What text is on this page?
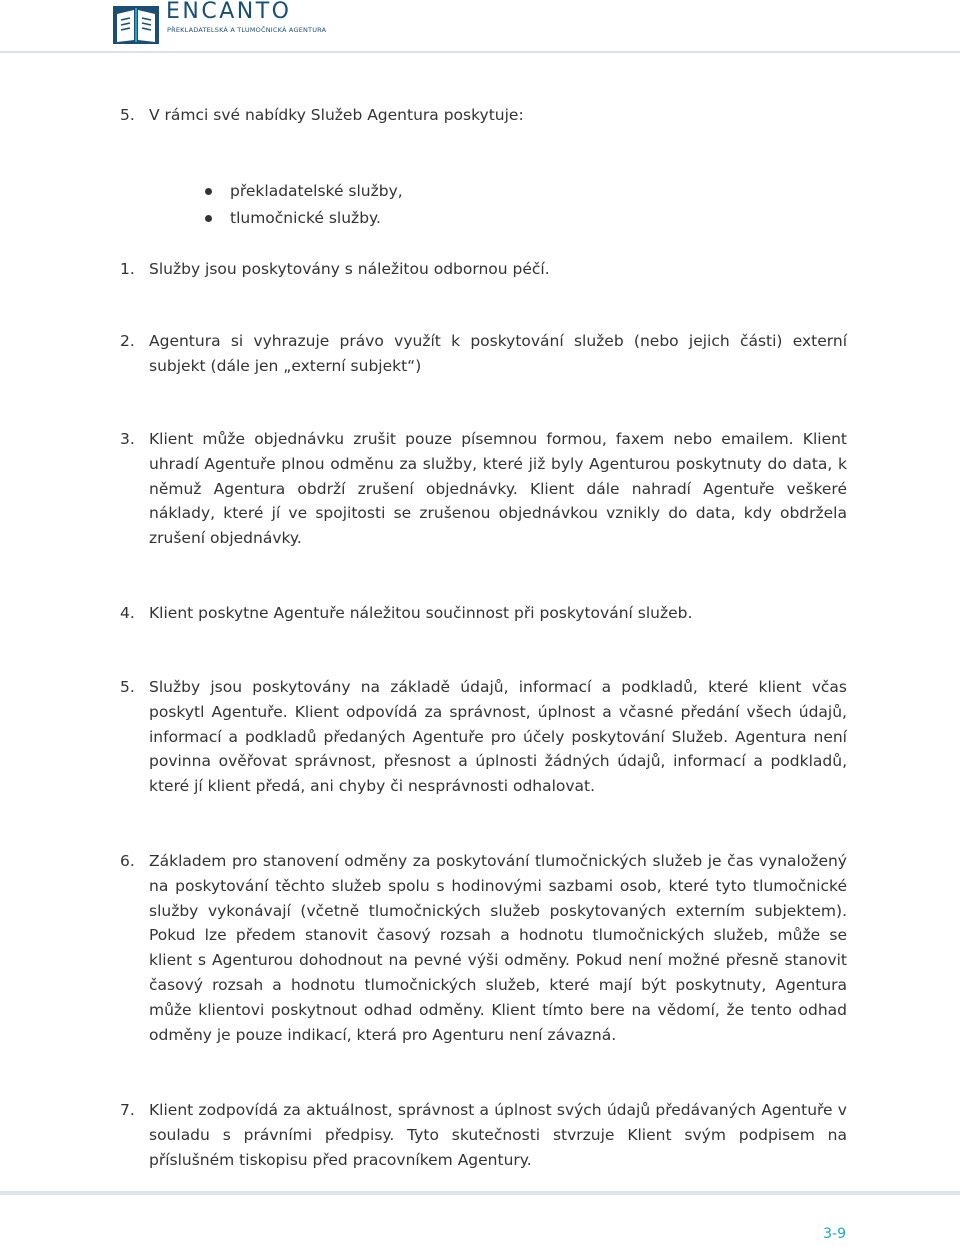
ENCANTO
PŘEKLADATELSKÁ A TLUMOČNICKÁ AGENTURA
5. V rámci své nabídky Služeb Agentura poskytuje:
překladatelské služby,
tlumočnické služby.
1. Služby jsou poskytovány s náležitou odbornou péčí.
2. Agentura si vyhrazuje právo využít k poskytování služeb (nebo jejich části) externí subjekt (dále jen „externí subjekt“)
3. Klient může objednávku zrušit pouze písemnou formou, faxem nebo emailem. Klient uhradí Agentuře plnou odměnu za služby, které již byly Agenturou poskytnuty do data, k němuž Agentura obdrží zrušení objednávky. Klient dále nahradí Agentuře veškeré náklady, které jí ve spojitosti se zrušenou objednávkou vznikly do data, kdy obdržela zrušení objednávky.
4. Klient poskytne Agentuře náležitou součinnost při poskytování služeb.
5. Služby jsou poskytovány na základě údajů, informací a podkladů, které klient včas poskytl Agentuře. Klient odpovídá za správnost, úplnost a včasné předání všech údajů, informací a podkladů předaných Agentuře pro účely poskytování Služeb. Agentura není povinna ověřovat správnost, přesnost a úplnosti žádných údajů, informací a podkladů, které jí klient předá, ani chyby či nesprávnosti odhalovat.
6. Základem pro stanovení odměny za poskytování tlumočnických služeb je čas vynaložený na poskytování těchto služeb spolu s hodinovými sazbami osob, které tyto tlumočnické služby vykonávají (včetně tlumočnických služeb poskytovaných externím subjektem). Pokud lze předem stanovit časový rozsah a hodnotu tlumočnických služeb, může se klient s Agenturou dohodnout na pevné výši odměny. Pokud není možné přesně stanovit časový rozsah a hodnotu tlumočnických služeb, které mají být poskytnuty, Agentura může klientovi poskytnout odhad odměny. Klient tímto bere na vědomí, že tento odhad odměny je pouze indikací, která pro Agenturu není závazná.
7. Klient zodpovídá za aktuálnost, správnost a úplnost svých údajů předávaných Agentuře v souladu s právními předpisy. Tyto skutečnosti stvrzuje Klient svým podpisem na příslušném tiskopisu před pracovníkem Agentury.
3-9
